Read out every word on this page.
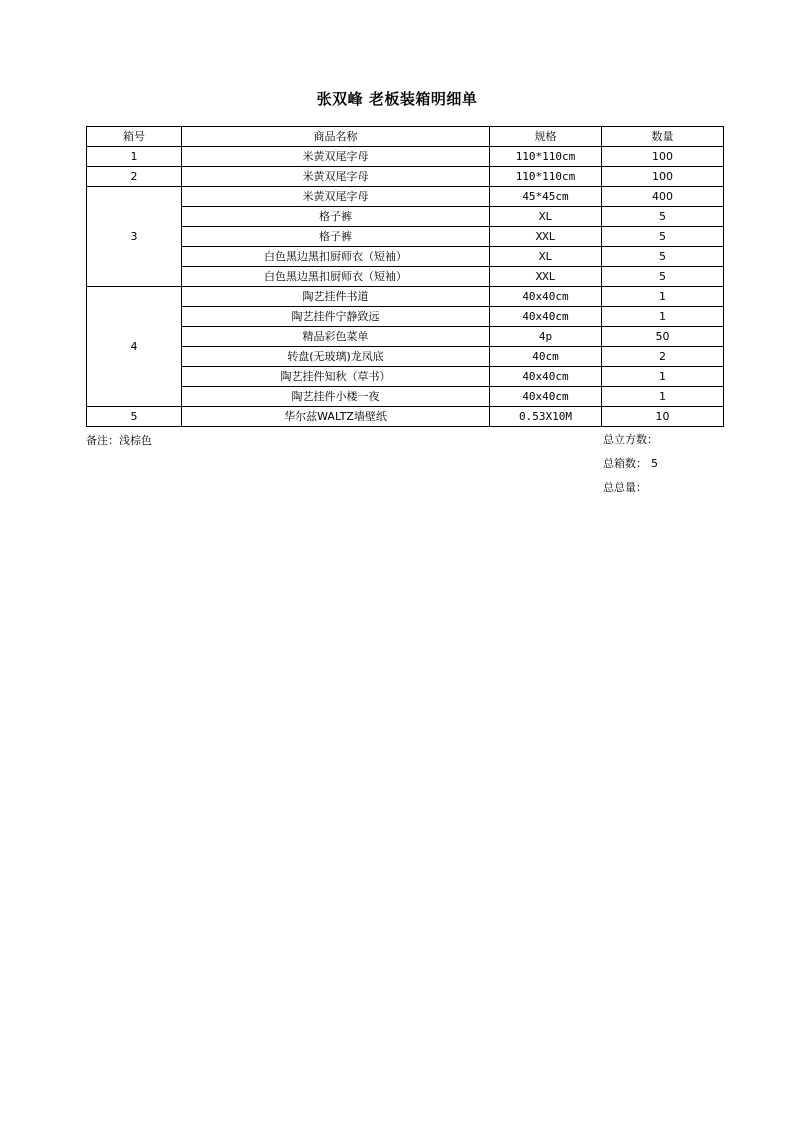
张双峰 老板装箱明细单
箱号	商品名称	规格	数量
1	米黄双尾字母	110*110cm	100
2	米黄双尾字母	110*110cm	100
3	米黄双尾字母	45*45cm	400
	格子裤	XL	5
	格子裤	XXL	5
	白色黑边黑扣厨师衣（短袖）	XL	5
	白色黑边黑扣厨师衣（短袖）	XXL	5
4	陶艺挂件书道	40x40cm	1
	陶艺挂件宁静致远	40x40cm	1
	精品彩色菜单	4p	50
	转盘(无玻璃)龙凤底	40cm	2
	陶艺挂件知秋（草书）	40x40cm	1
	陶艺挂件小楼一夜	40x40cm	1
5	华尔兹WALTZ墙壁纸	0.53X10M	10
备注：浅棕色	总立方数：
总箱数： 5
总总量：
